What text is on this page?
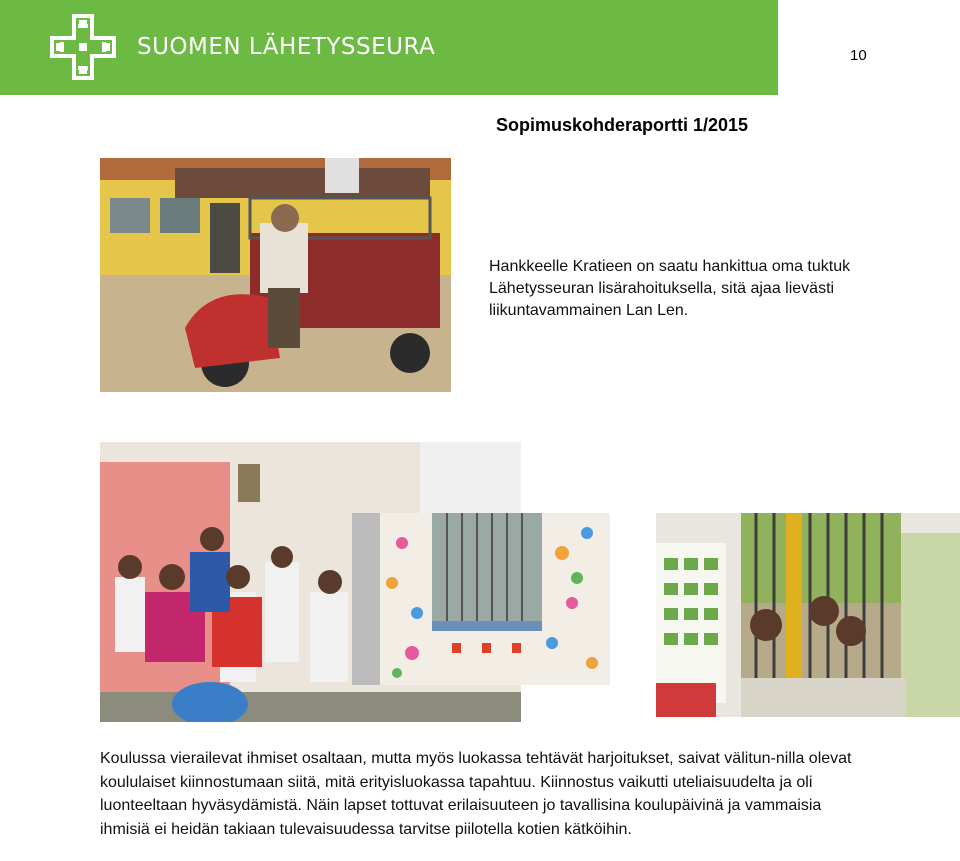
SUOMEN LÄHETYSSEURA	10
Sopimuskohderaportti 1/2015
Hankkeelle Kratieen on saatu hankittua oma tuktuk Lähetysseuran lisärahoituksella, sitä ajaa lievästi liikuntavammainen Lan Len.
Koulussa vierailevat ihmiset osaltaan, mutta myös luokassa tehtävät harjoitukset, saivat välitun-nilla olevat koululaiset kiinnostumaan siitä, mitä erityisluokassa tapahtuu. Kiinnostus vaikutti uteliaisuudelta ja oli luonteeltaan hyväsydämistä. Näin lapset tottuvat erilaisuuteen jo tavallisina koulupäivinä ja vammaisia ihmisiä ei heidän takiaan tulevaisuudessa tarvitse piilotella kotien kätköihin.
